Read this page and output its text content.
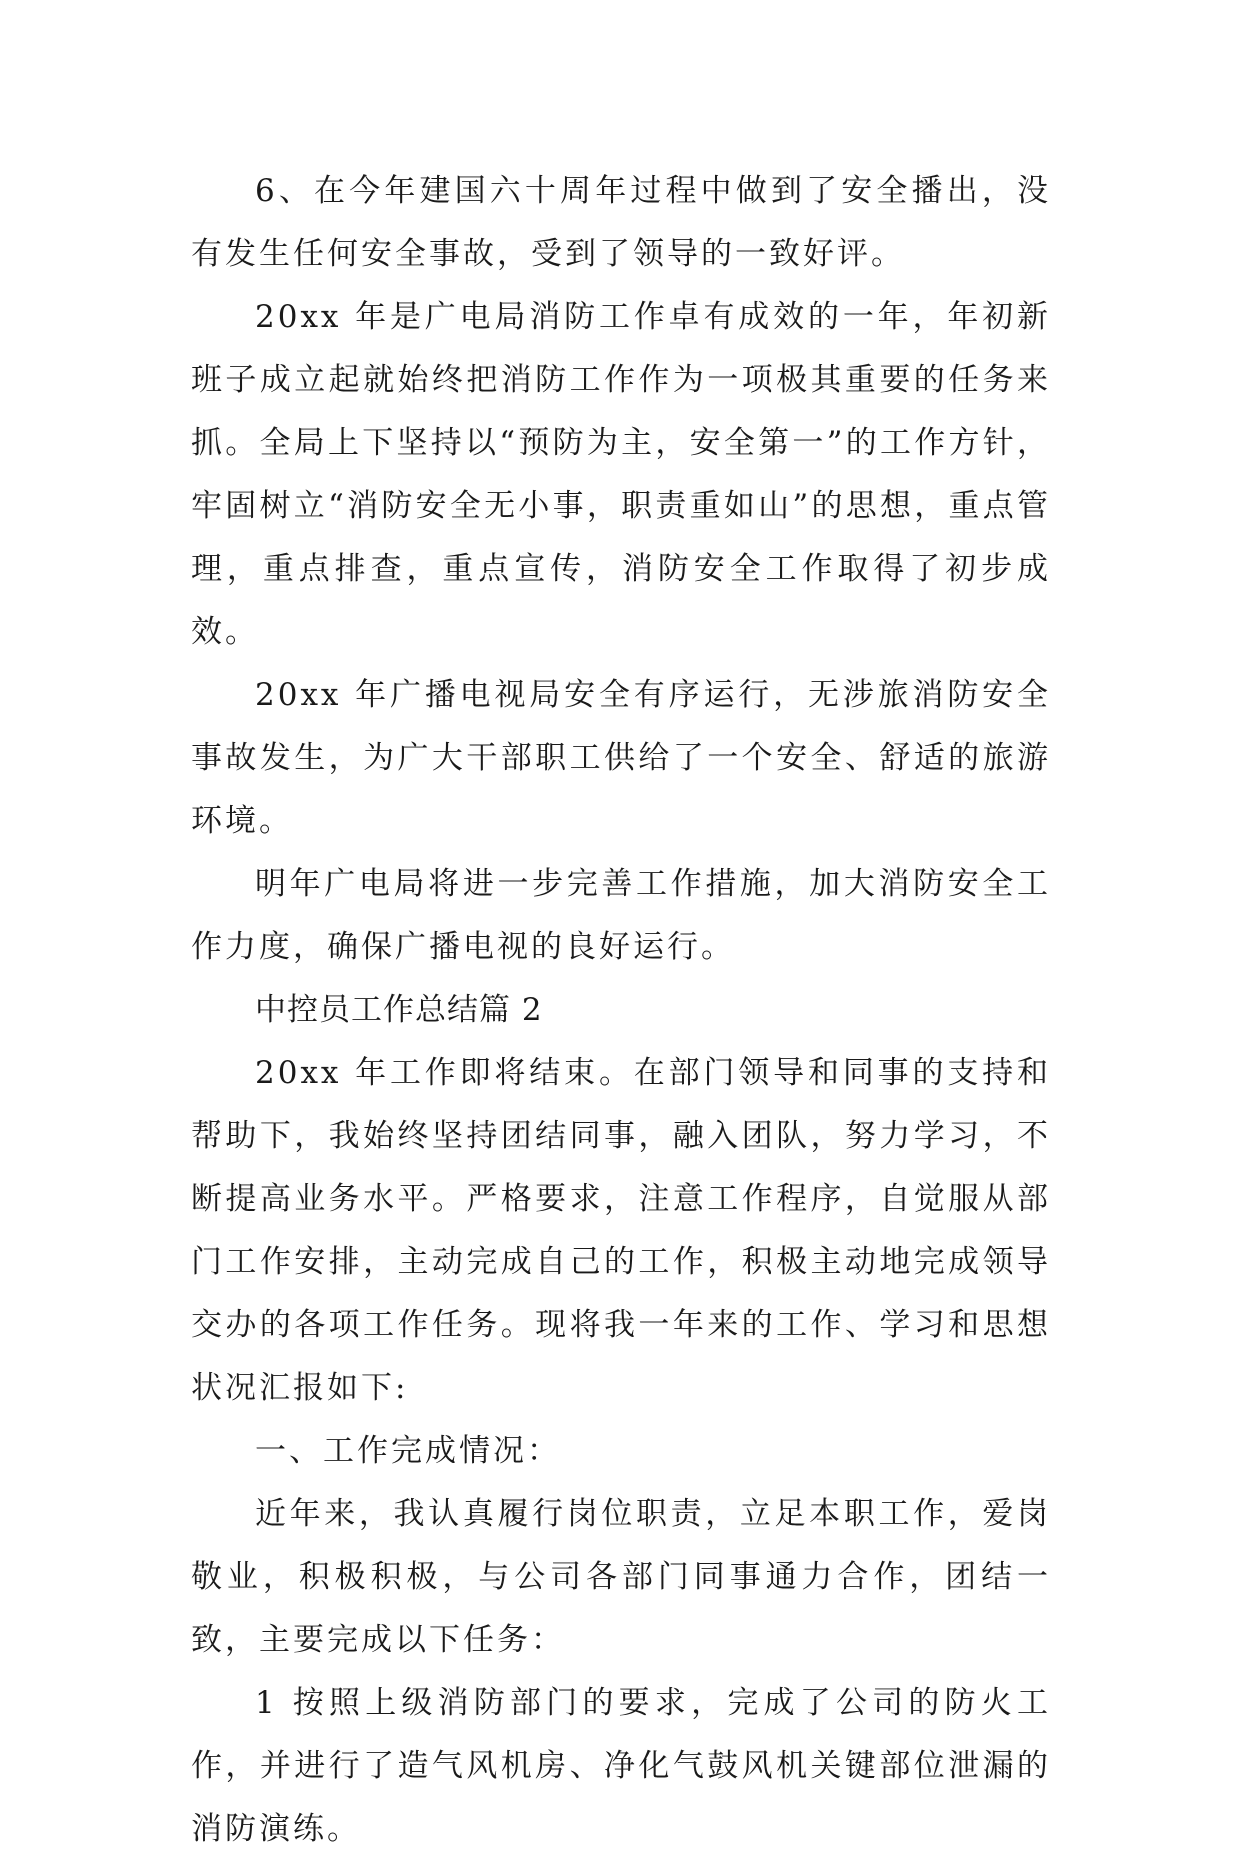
6、在今年建国六十周年过程中做到了安全播出，没有发生任何安全事故，受到了领导的一致好评。

20xx 年是广电局消防工作卓有成效的一年，年初新班子成立起就始终把消防工作作为一项极其重要的任务来抓。全局上下坚持以“预防为主，安全第一”的工作方针，牢固树立“消防安全无小事，职责重如山”的思想，重点管理，重点排查，重点宣传，消防安全工作取得了初步成效。

20xx 年广播电视局安全有序运行，无涉旅消防安全事故发生，为广大干部职工供给了一个安全、舒适的旅游环境。

明年广电局将进一步完善工作措施，加大消防安全工作力度，确保广播电视的良好运行。

中控员工作总结篇 2

20xx 年工作即将结束。在部门领导和同事的支持和帮助下，我始终坚持团结同事，融入团队，努力学习，不断提高业务水平。严格要求，注意工作程序，自觉服从部门工作安排，主动完成自己的工作，积极主动地完成领导交办的各项工作任务。现将我一年来的工作、学习和思想状况汇报如下:

一、工作完成情况：

近年来，我认真履行岗位职责，立足本职工作，爱岗敬业，积极积极，与公司各部门同事通力合作，团结一致，主要完成以下任务：

1 按照上级消防部门的要求，完成了公司的防火工作，并进行了造气风机房、净化气鼓风机关键部位泄漏的消防演练。
